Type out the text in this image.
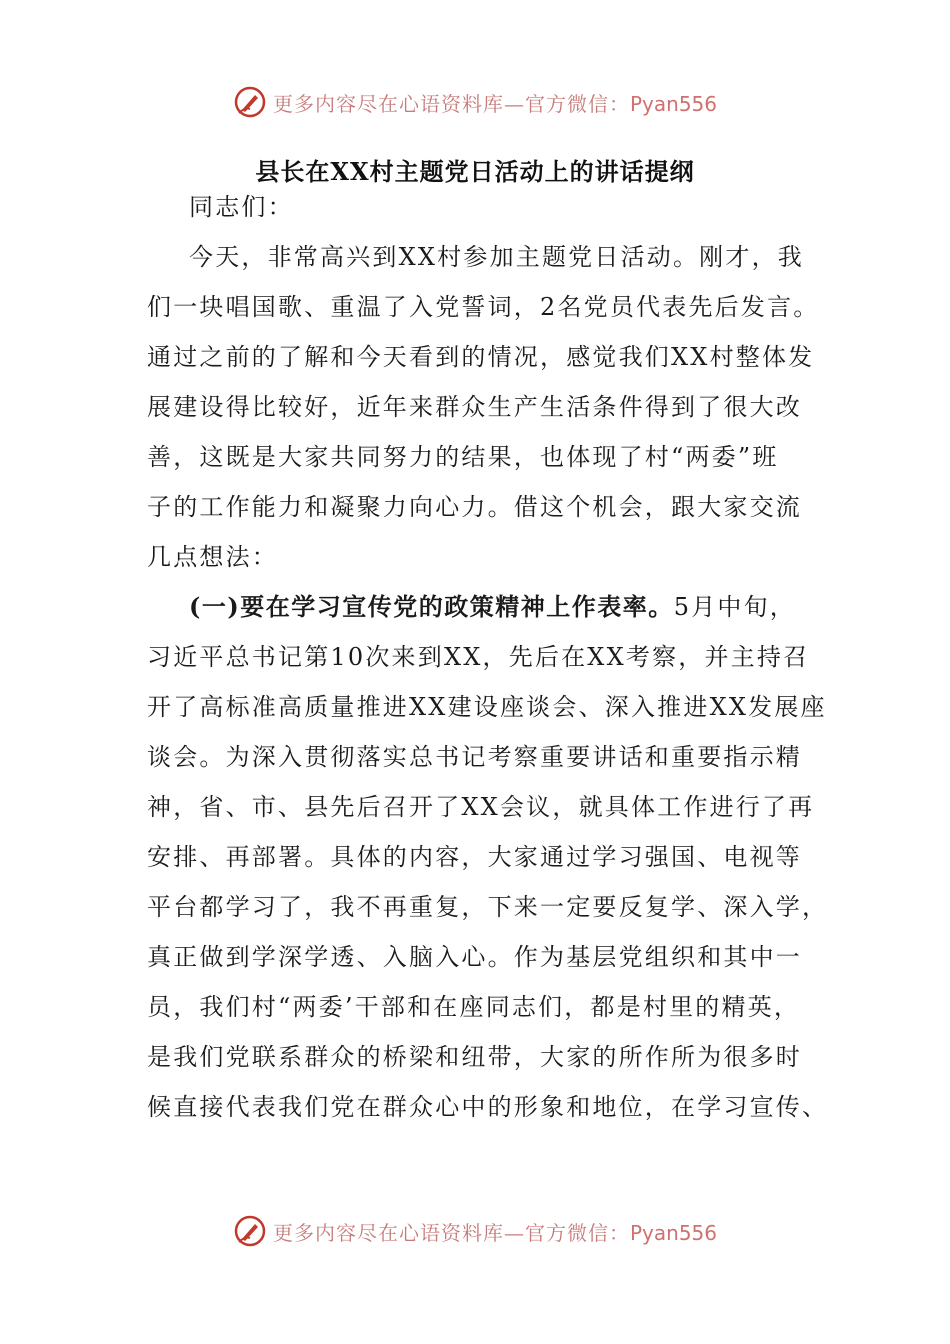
更多内容尽在心语资料库—官方微信：Pyan556
县长在XX村主题党日活动上的讲话提纲
同志们：
今天，非常高兴到XX村参加主题党日活动。刚才，我
们一块唱国歌、重温了入党誓词，2名党员代表先后发言。
通过之前的了解和今天看到的情况，感觉我们XX村整体发
展建设得比较好，近年来群众生产生活条件得到了很大改
善，这既是大家共同努力的结果，也体现了村“两委”班
子的工作能力和凝聚力向心力。借这个机会，跟大家交流
几点想法：
(一)要在学习宣传党的政策精神上作表率。5月中旬，
习近平总书记第10次来到XX，先后在XX考察，并主持召
开了高标准高质量推进XX建设座谈会、深入推进XX发展座
谈会。为深入贯彻落实总书记考察重要讲话和重要指示精
神，省、市、县先后召开了XX会议，就具体工作进行了再
安排、再部署。具体的内容，大家通过学习强国、电视等
平台都学习了，我不再重复，下来一定要反复学、深入学，
真正做到学深学透、入脑入心。作为基层党组织和其中一
员，我们村“两委’干部和在座同志们，都是村里的精英，
是我们党联系群众的桥梁和纽带，大家的所作所为很多时
候直接代表我们党在群众心中的形象和地位，在学习宣传、
更多内容尽在心语资料库—官方微信：Pyan556
